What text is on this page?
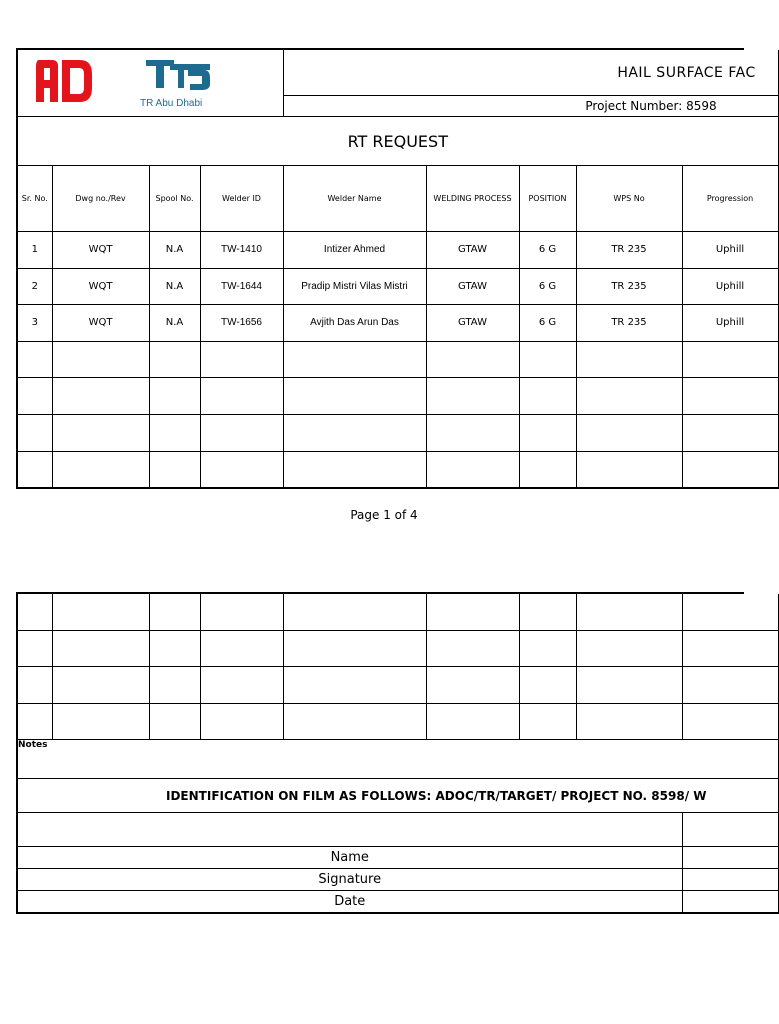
TR Abu Dhabi				HAIL SURFACE FAC				
				Project Number: 8598				
RT REQUEST								
Sr. No.	Dwg no./Rev	Spool No.	Welder ID	Welder Name	WELDING PROCESS	POSITION	WPS No	Progression
1	WQT	N.A	TW-1410	Intizer Ahmed	GTAW	6 G	TR 235	Uphill
2	WQT	N.A	TW-1644	Pradip Mistri Vilas Mistri	GTAW	6 G	TR 235	Uphill
3	WQT	N.A	TW-1656	Avjith Das Arun Das	GTAW	6 G	TR 235	Uphill

Page 1 of 4

Notes								
IDENTIFICATION ON FILM AS FOLLOWS: ADOC/TR/TARGET/ PROJECT NO. 8598/ W								

Name								
Signature								
Date								
